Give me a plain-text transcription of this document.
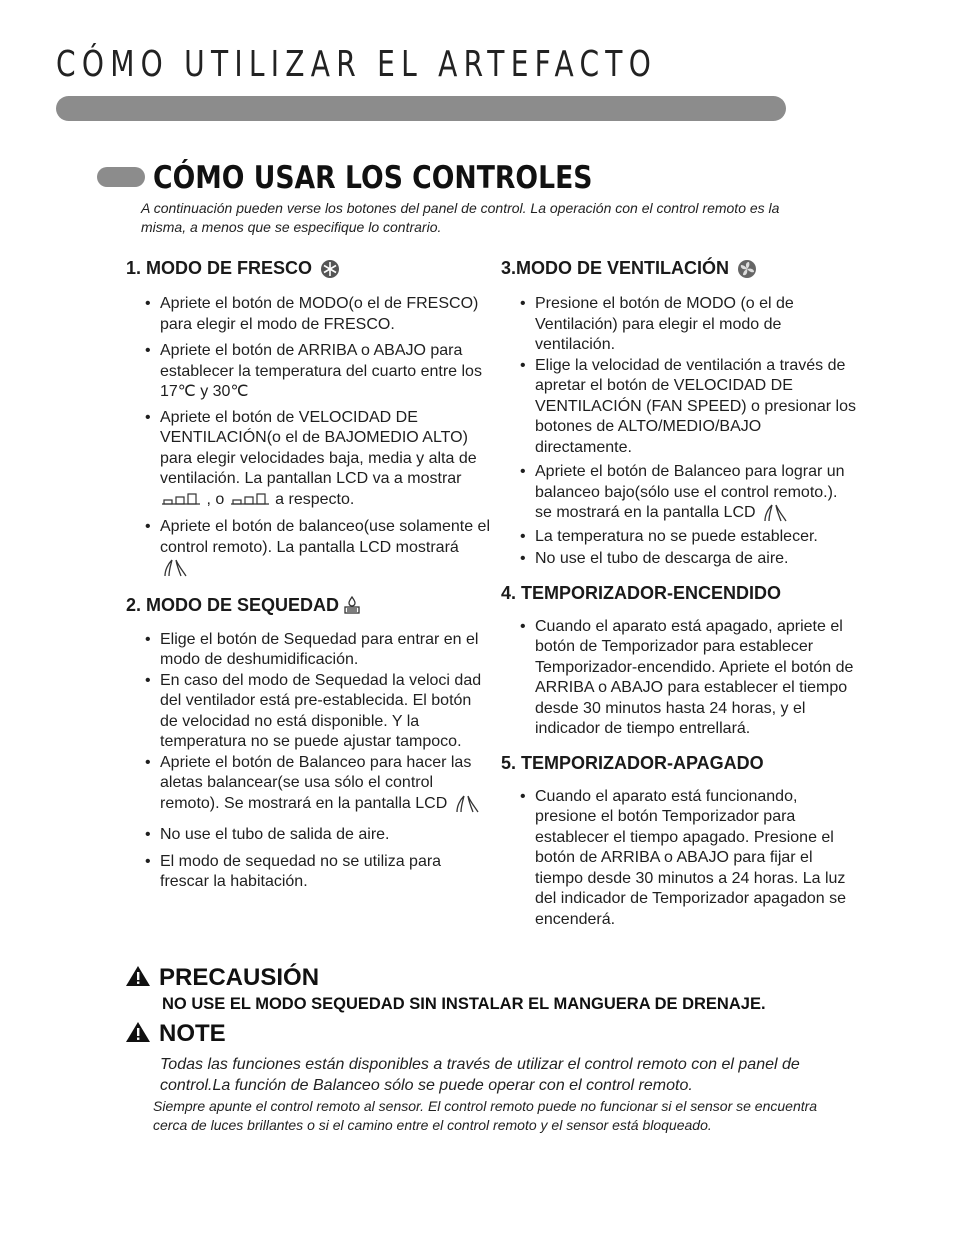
CÓMO UTILIZAR EL ARTEFACTO
CÓMO USAR LOS CONTROLES
A continuación pueden verse los botones del panel de control. La operación con el control remoto es la misma, a menos que se especifique lo contrario.
1. MODO DE FRESCO
• Apriete el botón de MODO(o el de FRESCO) para elegir el modo de FRESCO.
• Apriete el botón de ARRIBA o ABAJO para establecer la temperatura del cuarto entre los 17℃ y 30℃
• Apriete el botón de VELOCIDAD DE VENTILACIÓN(o el de BAJOMEDIO ALTO) para elegir velocidades baja, media y alta de ventilación. La pantallan LCD va a mostrar
, o	a respecto.
• Apriete el botón de balanceo(use solamente el control remoto). La pantalla LCD mostrará
2. MODO DE SEQUEDAD
• Elige el botón de Sequedad para entrar en el modo de deshumidificación.
• En caso del modo de Sequedad la veloci dad del ventilador está pre-establecida. El botón de velocidad no está disponible. Y la temperatura no se puede ajustar tampoco.
• Apriete el botón de Balanceo para hacer las aletas balancear(se usa sólo el control remoto). Se mostrará en la pantalla LCD
• No use el tubo de salida de aire.
• El modo de sequedad no se utiliza para frescar la habitación.
3.MODO DE VENTILACIÓN
• Presione el botón de MODO (o el de Ventilación) para elegir el modo de ventilación.
• Elige la velocidad de ventilación a través de apretar el botón de VELOCIDAD DE VENTILACIÓN (FAN SPEED) o presionar los botones de ALTO/MEDIO/BAJO directamente.
• Apriete el botón de Balanceo para lograr un balanceo bajo(sólo use el control remoto.). se mostrará en la pantalla LCD
• La temperatura no se puede establecer.
• No use el tubo de descarga de aire.
4. TEMPORIZADOR-ENCENDIDO
• Cuando el aparato está apagado, apriete el botón de Temporizador para establecer Temporizador-encendido. Apriete el botón de ARRIBA o ABAJO para establecer el tiempo desde 30 minutos hasta 24 horas, y el indicador de tiempo entrellará.
5. TEMPORIZADOR-APAGADO
• Cuando el aparato está funcionando, presione el botón Temporizador para establecer el tiempo apagado. Presione el botón de ARRIBA o ABAJO para fijar el tiempo desde 30 minutos a 24 horas. La luz del indicador de Temporizador apagadon se encenderá.
PRECAUSIÓN
NO USE EL MODO SEQUEDAD SIN INSTALAR EL MANGUERA DE DRENAJE.
NOTE
Todas las funciones están disponibles a través de utilizar el control remoto con el panel de control.La función de Balanceo sólo se puede operar con el control remoto.
Siempre apunte el control remoto al sensor. El control remoto puede no funcionar si el sensor se encuentra cerca de luces brillantes o si el camino entre el control remoto y el sensor está bloqueado.
